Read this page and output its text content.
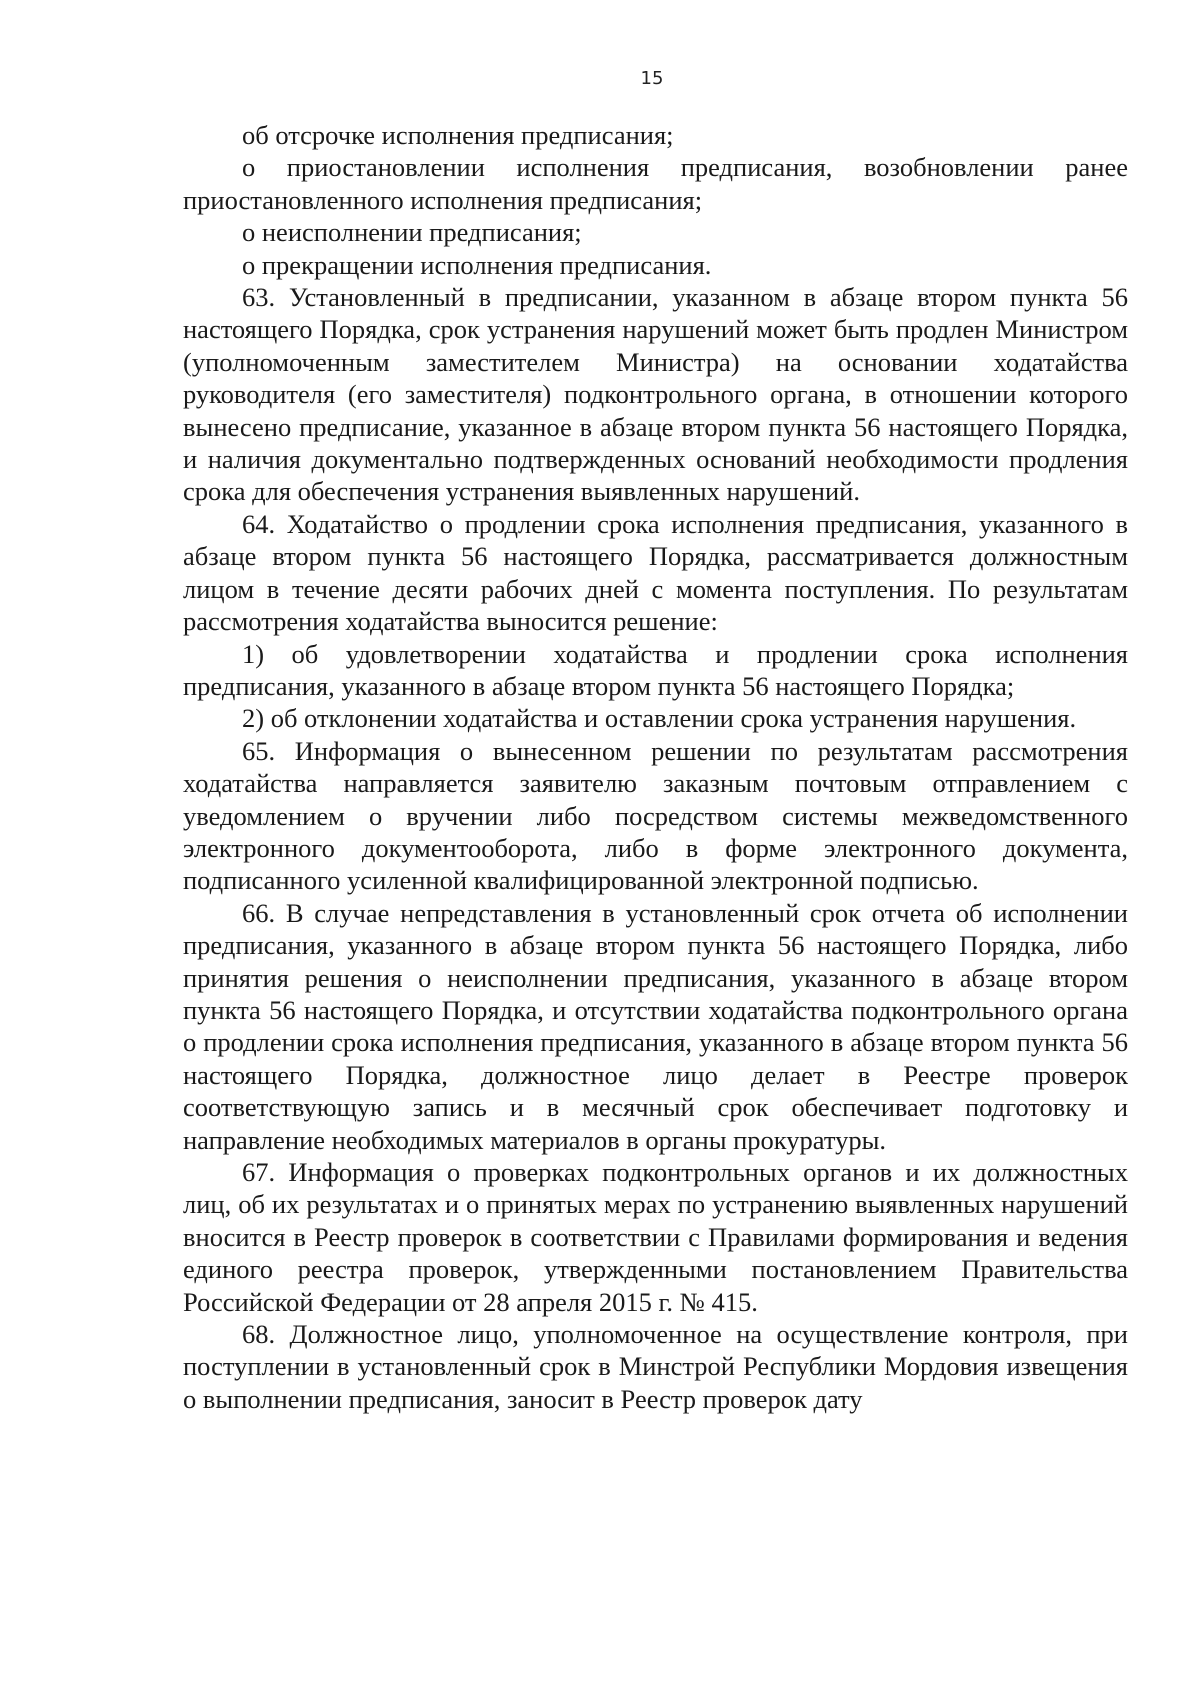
15

об отсрочке исполнения предписания;

о приостановлении исполнения предписания, возобновлении ранее приостановленного исполнения предписания;

о неисполнении предписания;

о прекращении исполнения предписания.

63. Установленный в предписании, указанном в абзаце втором пункта 56 настоящего Порядка, срок устранения нарушений может быть продлен Министром (уполномоченным заместителем Министра) на основании ходатайства руководителя (его заместителя) подконтрольного органа, в отношении которого вынесено предписание, указанное в абзаце втором пункта 56 настоящего Порядка, и наличия документально подтвержденных оснований необходимости продления срока для обеспечения устранения выявленных нарушений.

64. Ходатайство о продлении срока исполнения предписания, указанного в абзаце втором пункта 56 настоящего Порядка, рассматривается должностным лицом в течение десяти рабочих дней с момента поступления. По результатам рассмотрения ходатайства выносится решение:

1) об удовлетворении ходатайства и продлении срока исполнения предписания, указанного в абзаце втором пункта 56 настоящего Порядка;

2) об отклонении ходатайства и оставлении срока устранения нарушения.

65. Информация о вынесенном решении по результатам рассмотрения ходатайства направляется заявителю заказным почтовым отправлением с уведомлением о вручении либо посредством системы межведомственного электронного документооборота, либо в форме электронного документа, подписанного усиленной квалифицированной электронной подписью.

66. В случае непредставления в установленный срок отчета об исполнении предписания, указанного в абзаце втором пункта 56 настоящего Порядка, либо принятия решения о неисполнении предписания, указанного в абзаце втором пункта 56 настоящего Порядка, и отсутствии ходатайства подконтрольного органа о продлении срока исполнения предписания, указанного в абзаце втором пункта 56 настоящего Порядка, должностное лицо делает в Реестре проверок соответствующую запись и в месячный срок обеспечивает подготовку и направление необходимых материалов в органы прокуратуры.

67. Информация о проверках подконтрольных органов и их должностных лиц, об их результатах и о принятых мерах по устранению выявленных нарушений вносится в Реестр проверок в соответствии с Правилами формирования и ведения единого реестра проверок, утвержденными постановлением Правительства Российской Федерации от 28 апреля 2015 г. № 415.

68. Должностное лицо, уполномоченное на осуществление контроля, при поступлении в установленный срок в Минстрой Республики Мордовия извещения о выполнении предписания, заносит в Реестр проверок дату
